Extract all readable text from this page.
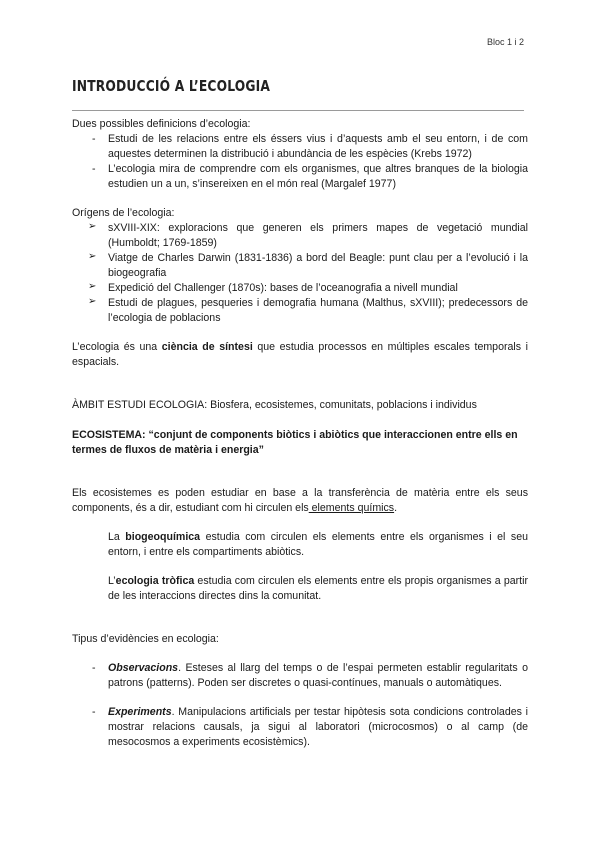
Bloc 1 i 2
INTRODUCCIÓ A L’ECOLOGIA

Dues possibles definicions d’ecologia:

- Estudi de les relacions entre els éssers vius i d’aquests amb el seu entorn, i de com aquestes determinen la distribució i abundància de les espècies (Krebs 1972)
- L’ecologia mira de comprendre com els organismes, que altres branques de la biologia estudien un a un, s’insereixen en el món real (Margalef 1977)

Orígens de l’ecologia:

➢ sXVIII-XIX: exploracions que generen els primers mapes de vegetació mundial (Humboldt; 1769-1859)
➢ Viatge de Charles Darwin (1831-1836) a bord del Beagle: punt clau per a l’evolució i la biogeografia
➢ Expedició del Challenger (1870s): bases de l’oceanografia a nivell mundial
➢ Estudi de plagues, pesqueries i demografia humana (Malthus, sXVIII); predecessors de l’ecologia de poblacions

L’ecologia és una ciència de síntesi que estudia processos en múltiples escales temporals i espacials.

ÀMBIT ESTUDI ECOLOGIA: Biosfera, ecosistemes, comunitats, poblacions i individus

ECOSISTEMA: “conjunt de components biòtics i abiòtics que interaccionen entre ells en termes de fluxos de matèria i energia”

Els ecosistemes es poden estudiar en base a la transferència de matèria entre els seus components, és a dir, estudiant com hi circulen els elements químics.

La biogeoquímica estudia com circulen els elements entre els organismes i el seu entorn, i entre els compartiments abiòtics.

L’ecologia tròfica estudia com circulen els elements entre els propis organismes a partir de les interaccions directes dins la comunitat.

Tipus d’evidències en ecologia:

- Observacions. Esteses al llarg del temps o de l’espai permeten establir regularitats o patrons (patterns). Poden ser discretes o quasi-contínues, manuals o automàtiques.
- Experiments. Manipulacions artificials per testar hipòtesis sota condicions controlades i mostrar relacions causals, ja sigui al laboratori (microcosmos) o al camp (de mesocosmos a experiments ecosistèmics).
